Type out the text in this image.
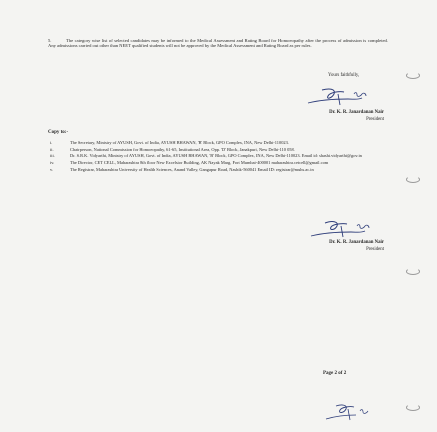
5.	The category wise list of selected candidates may be informed to the Medical Assessment and Rating Board for Homoeopathy after the process of admission is completed. Any admissions carried out other than NEET qualified students will not be approved by the Medical Assessment and Rating Board as per rules.
Yours faithfully,
Dr. K. R. Janardanan Nair
President
Copy to:-
i.	The Secretary, Ministry of AYUSH, Govt. of India, AYUSH BHAWAN, 'B' Block, GPO Complex, INA, New Delhi-110023.
ii.	Chairperson, National Commission for Homoeopathy, 61-65, Institutional Area, Opp. 'D' Block, Janakpuri, New Delhi-110 058.
iii.	Dr. S.R.K. Vidyarthi, Ministry of AYUSH, Govt. of India, AYUSH BHAWAN, 'B' Block, GPO Complex, INA, New Delhi-110023. Email id: shashi.vidyarthi@gov.in
iv.	The Director, CET CELL, Maharashtra 8th floor New Excelsior Building, AK Nayak Marg, Fort Mumbai-400001 maharashtra.cetcell@gmail.com
v.	The Registrar, Maharashtra University of Health Sciences, Anand Valley, Gangapur Road, Nashik-560041 Email ID: registrar@muhs.ac.in
Dr. K. R. Janardanan Nair
President
Page 2 of 2
